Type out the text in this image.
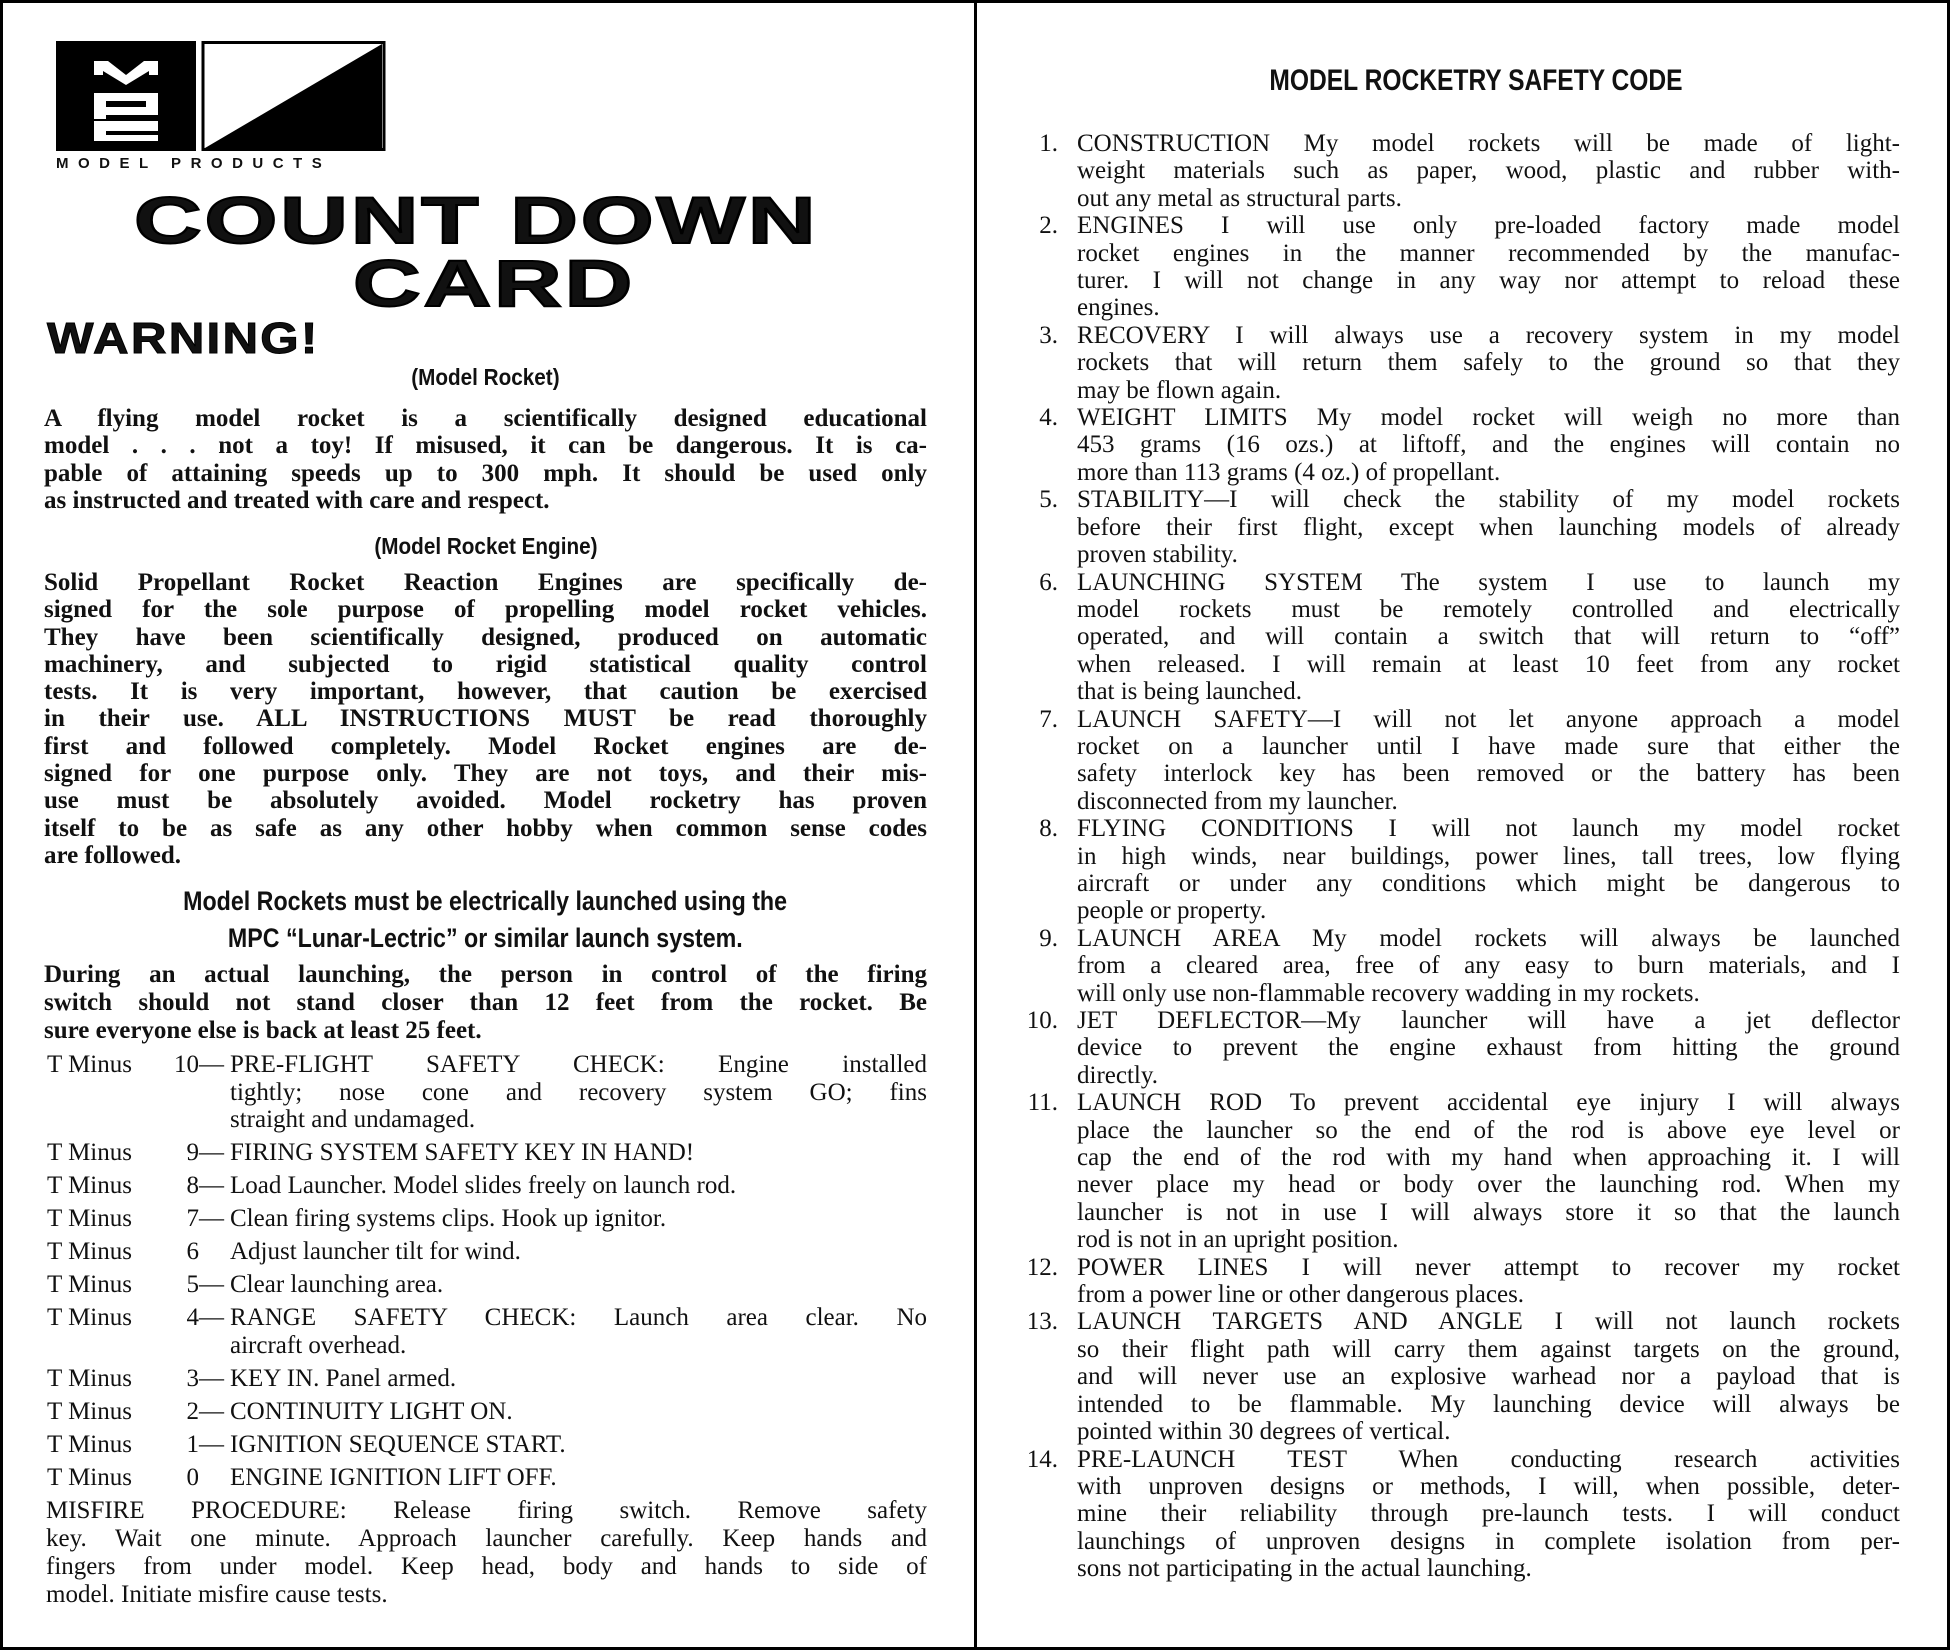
MODEL PRODUCTS
COUNT DOWN
CARD
WARNING!
(Model Rocket)
A flying model rocket is a scientifically designed educational
model . . . not a toy! If misused, it can be dangerous. It is ca-
pable of attaining speeds up to 300 mph. It should be used only
as instructed and treated with care and respect.
(Model Rocket Engine)
Solid Propellant Rocket Reaction Engines are specifically de-
signed for the sole purpose of propelling model rocket vehicles.
They have been scientifically designed, produced on automatic
machinery, and subjected to rigid statistical quality control
tests. It is very important, however, that caution be exercised
in their use. ALL INSTRUCTIONS MUST be read thoroughly
first and followed completely. Model Rocket engines are de-
signed for one purpose only. They are not toys, and their mis-
use must be absolutely avoided. Model rocketry has proven
itself to be as safe as any other hobby when common sense codes
are followed.
Model Rockets must be electrically launched using the
MPC “Lunar-Lectric” or similar launch system.
During an actual launching, the person in control of the firing
switch should not stand closer than 12 feet from the rocket. Be
sure everyone else is back at least 25 feet.
T Minus	10 — PRE-FLIGHT SAFETY CHECK: Engine installed
tightly; nose cone and recovery system GO; fins
straight and undamaged.
T Minus	9 — FIRING SYSTEM SAFETY KEY IN HAND!
T Minus	8 — Load Launcher. Model slides freely on launch rod.
T Minus	7 — Clean firing systems clips. Hook up ignitor.
T Minus	6 Adjust launcher tilt for wind.
T Minus	5 — Clear launching area.
T Minus	4 — RANGE SAFETY CHECK: Launch area clear. No
aircraft overhead.
T Minus	3 — KEY IN. Panel armed.
T Minus	2 — CONTINUITY LIGHT ON.
T Minus	1 — IGNITION SEQUENCE START.
T Minus	0 ENGINE IGNITION LIFT OFF.
MISFIRE PROCEDURE: Release firing switch. Remove safety
key. Wait one minute. Approach launcher carefully. Keep hands and
fingers from under model. Keep head, body and hands to side of
model. Initiate misfire cause tests.
MODEL ROCKETRY SAFETY CODE
1. CONSTRUCTION My model rockets will be made of light-
weight materials such as paper, wood, plastic and rubber with-
out any metal as structural parts.
2. ENGINES I will use only pre-loaded factory made model
rocket engines in the manner recommended by the manufac-
turer. I will not change in any way nor attempt to reload these
engines.
3. RECOVERY I will always use a recovery system in my model
rockets that will return them safely to the ground so that they
may be flown again.
4. WEIGHT LIMITS My model rocket will weigh no more than
453 grams (16 ozs.) at liftoff, and the engines will contain no
more than 113 grams (4 oz.) of propellant.
5. STABILITY—I will check the stability of my model rockets
before their first flight, except when launching models of already
proven stability.
6. LAUNCHING SYSTEM The system I use to launch my
model rockets must be remotely controlled and electrically
operated, and will contain a switch that will return to “off”
when released. I will remain at least 10 feet from any rocket
that is being launched.
7. LAUNCH SAFETY—I will not let anyone approach a model
rocket on a launcher until I have made sure that either the
safety interlock key has been removed or the battery has been
disconnected from my launcher.
8. FLYING CONDITIONS I will not launch my model rocket
in high winds, near buildings, power lines, tall trees, low flying
aircraft or under any conditions which might be dangerous to
people or property.
9. LAUNCH AREA My model rockets will always be launched
from a cleared area, free of any easy to burn materials, and I
will only use non-flammable recovery wadding in my rockets.
10. JET DEFLECTOR—My launcher will have a jet deflector
device to prevent the engine exhaust from hitting the ground
directly.
11. LAUNCH ROD To prevent accidental eye injury I will always
place the launcher so the end of the rod is above eye level or
cap the end of the rod with my hand when approaching it. I will
never place my head or body over the launching rod. When my
launcher is not in use I will always store it so that the launch
rod is not in an upright position.
12. POWER LINES I will never attempt to recover my rocket
from a power line or other dangerous places.
13. LAUNCH TARGETS AND ANGLE I will not launch rockets
so their flight path will carry them against targets on the ground,
and will never use an explosive warhead nor a payload that is
intended to be flammable. My launching device will always be
pointed within 30 degrees of vertical.
14. PRE-LAUNCH TEST When conducting research activities
with unproven designs or methods, I will, when possible, deter-
mine their reliability through pre-launch tests. I will conduct
launchings of unproven designs in complete isolation from per-
sons not participating in the actual launching.
